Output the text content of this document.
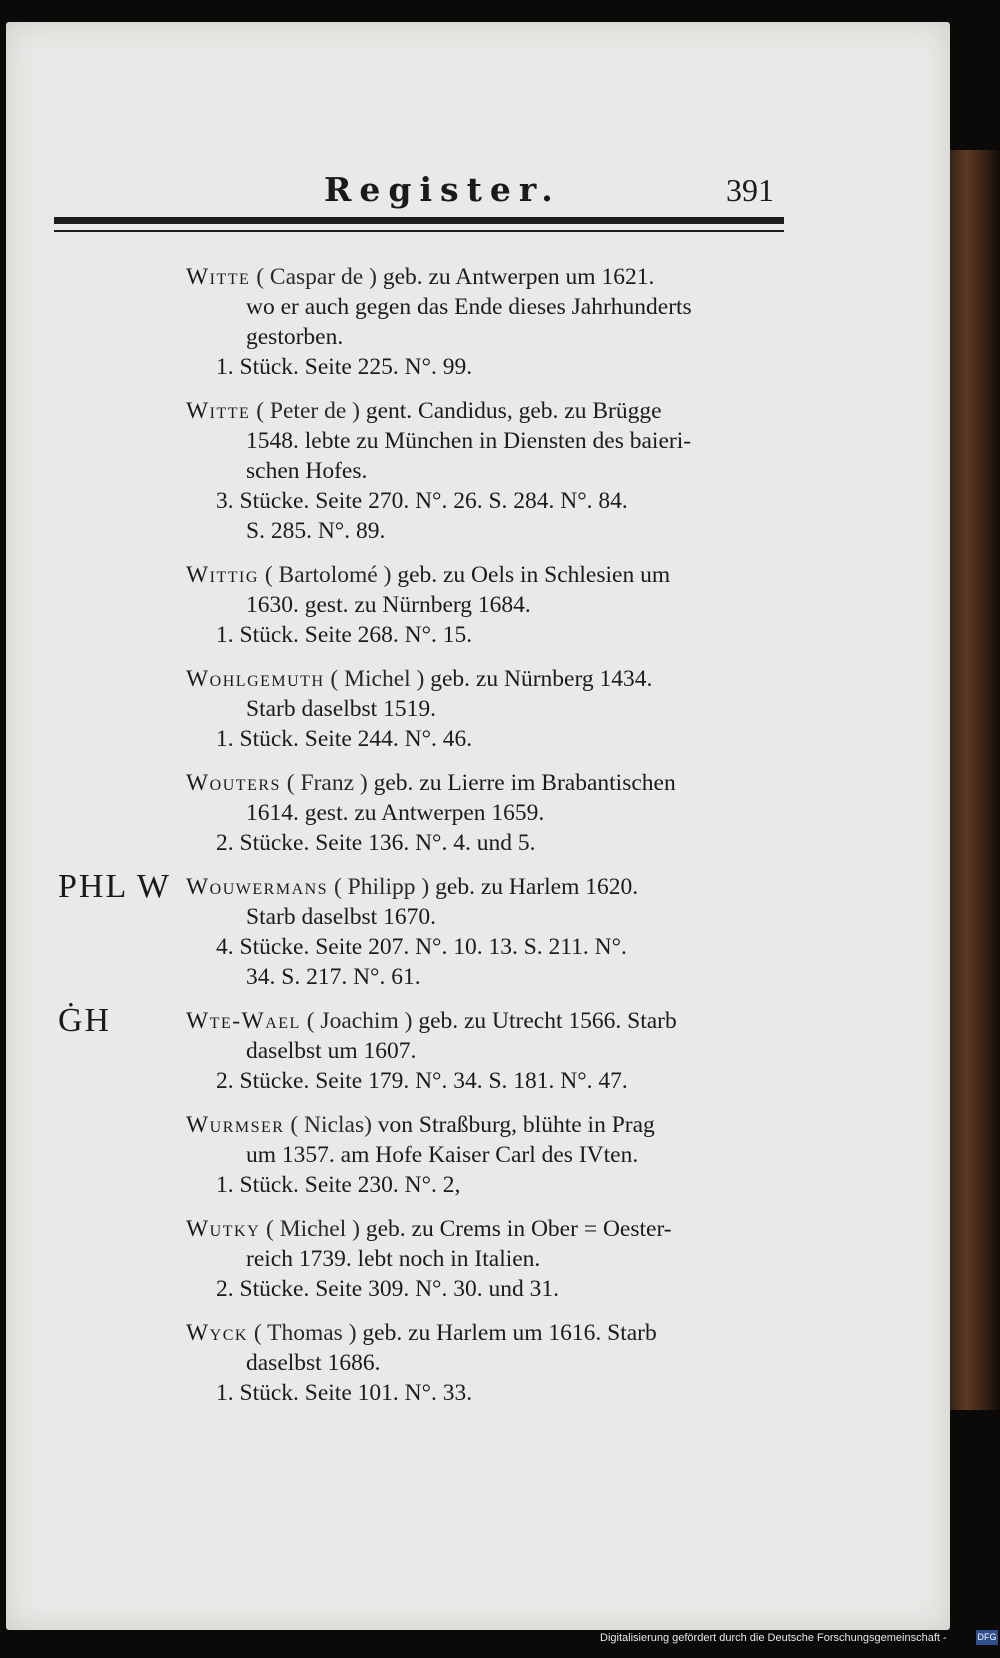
Register.	391
Witte ( Caspar de ) geb. zu Antwerpen um 1621.
wo er auch gegen das Ende dieses Jahrhunderts
gestorben.
1. Stück. Seite 225. N°. 99.
Witte ( Peter de ) gent. Candidus, geb. zu Brügge
1548. lebte zu München in Diensten des baieri-
schen Hofes.
3. Stücke. Seite 270. N°. 26. S. 284. N°. 84.
S. 285. N°. 89.
Wittig ( Bartolomé ) geb. zu Oels in Schlesien um
1630. gest. zu Nürnberg 1684.
1. Stück. Seite 268. N°. 15.
Wohlgemuth ( Michel ) geb. zu Nürnberg 1434.
Starb daselbst 1519.
1. Stück. Seite 244. N°. 46.
Wouters ( Franz ) geb. zu Lierre im Brabantischen
1614. gest. zu Antwerpen 1659.
2. Stücke. Seite 136. N°. 4. und 5.
PHL W Wouwermans ( Philipp ) geb. zu Harlem 1620.
Starb daselbst 1670.
4. Stücke. Seite 207. N°. 10. 13. S. 211. N°.
34. S. 217. N°. 61.
ĠH	Wte-Wael ( Joachim ) geb. zu Utrecht 1566. Starb
daselbst um 1607.
2. Stücke. Seite 179. N°. 34. S. 181. N°. 47.
Wurmser ( Niclas) von Straßburg, blühte in Prag
um 1357. am Hofe Kaiser Carl des IVten.
1. Stück. Seite 230. N°. 2,
Wutky ( Michel ) geb. zu Crems in Ober = Oester-
reich 1739. lebt noch in Italien.
2. Stücke. Seite 309. N°. 30. und 31.
Wyck ( Thomas ) geb. zu Harlem um 1616. Starb
daselbst 1686.
1. Stück. Seite 101. N°. 33.
Digitalisierung gefördert durch die Deutsche Forschungsgemeinschaft -	DFG
